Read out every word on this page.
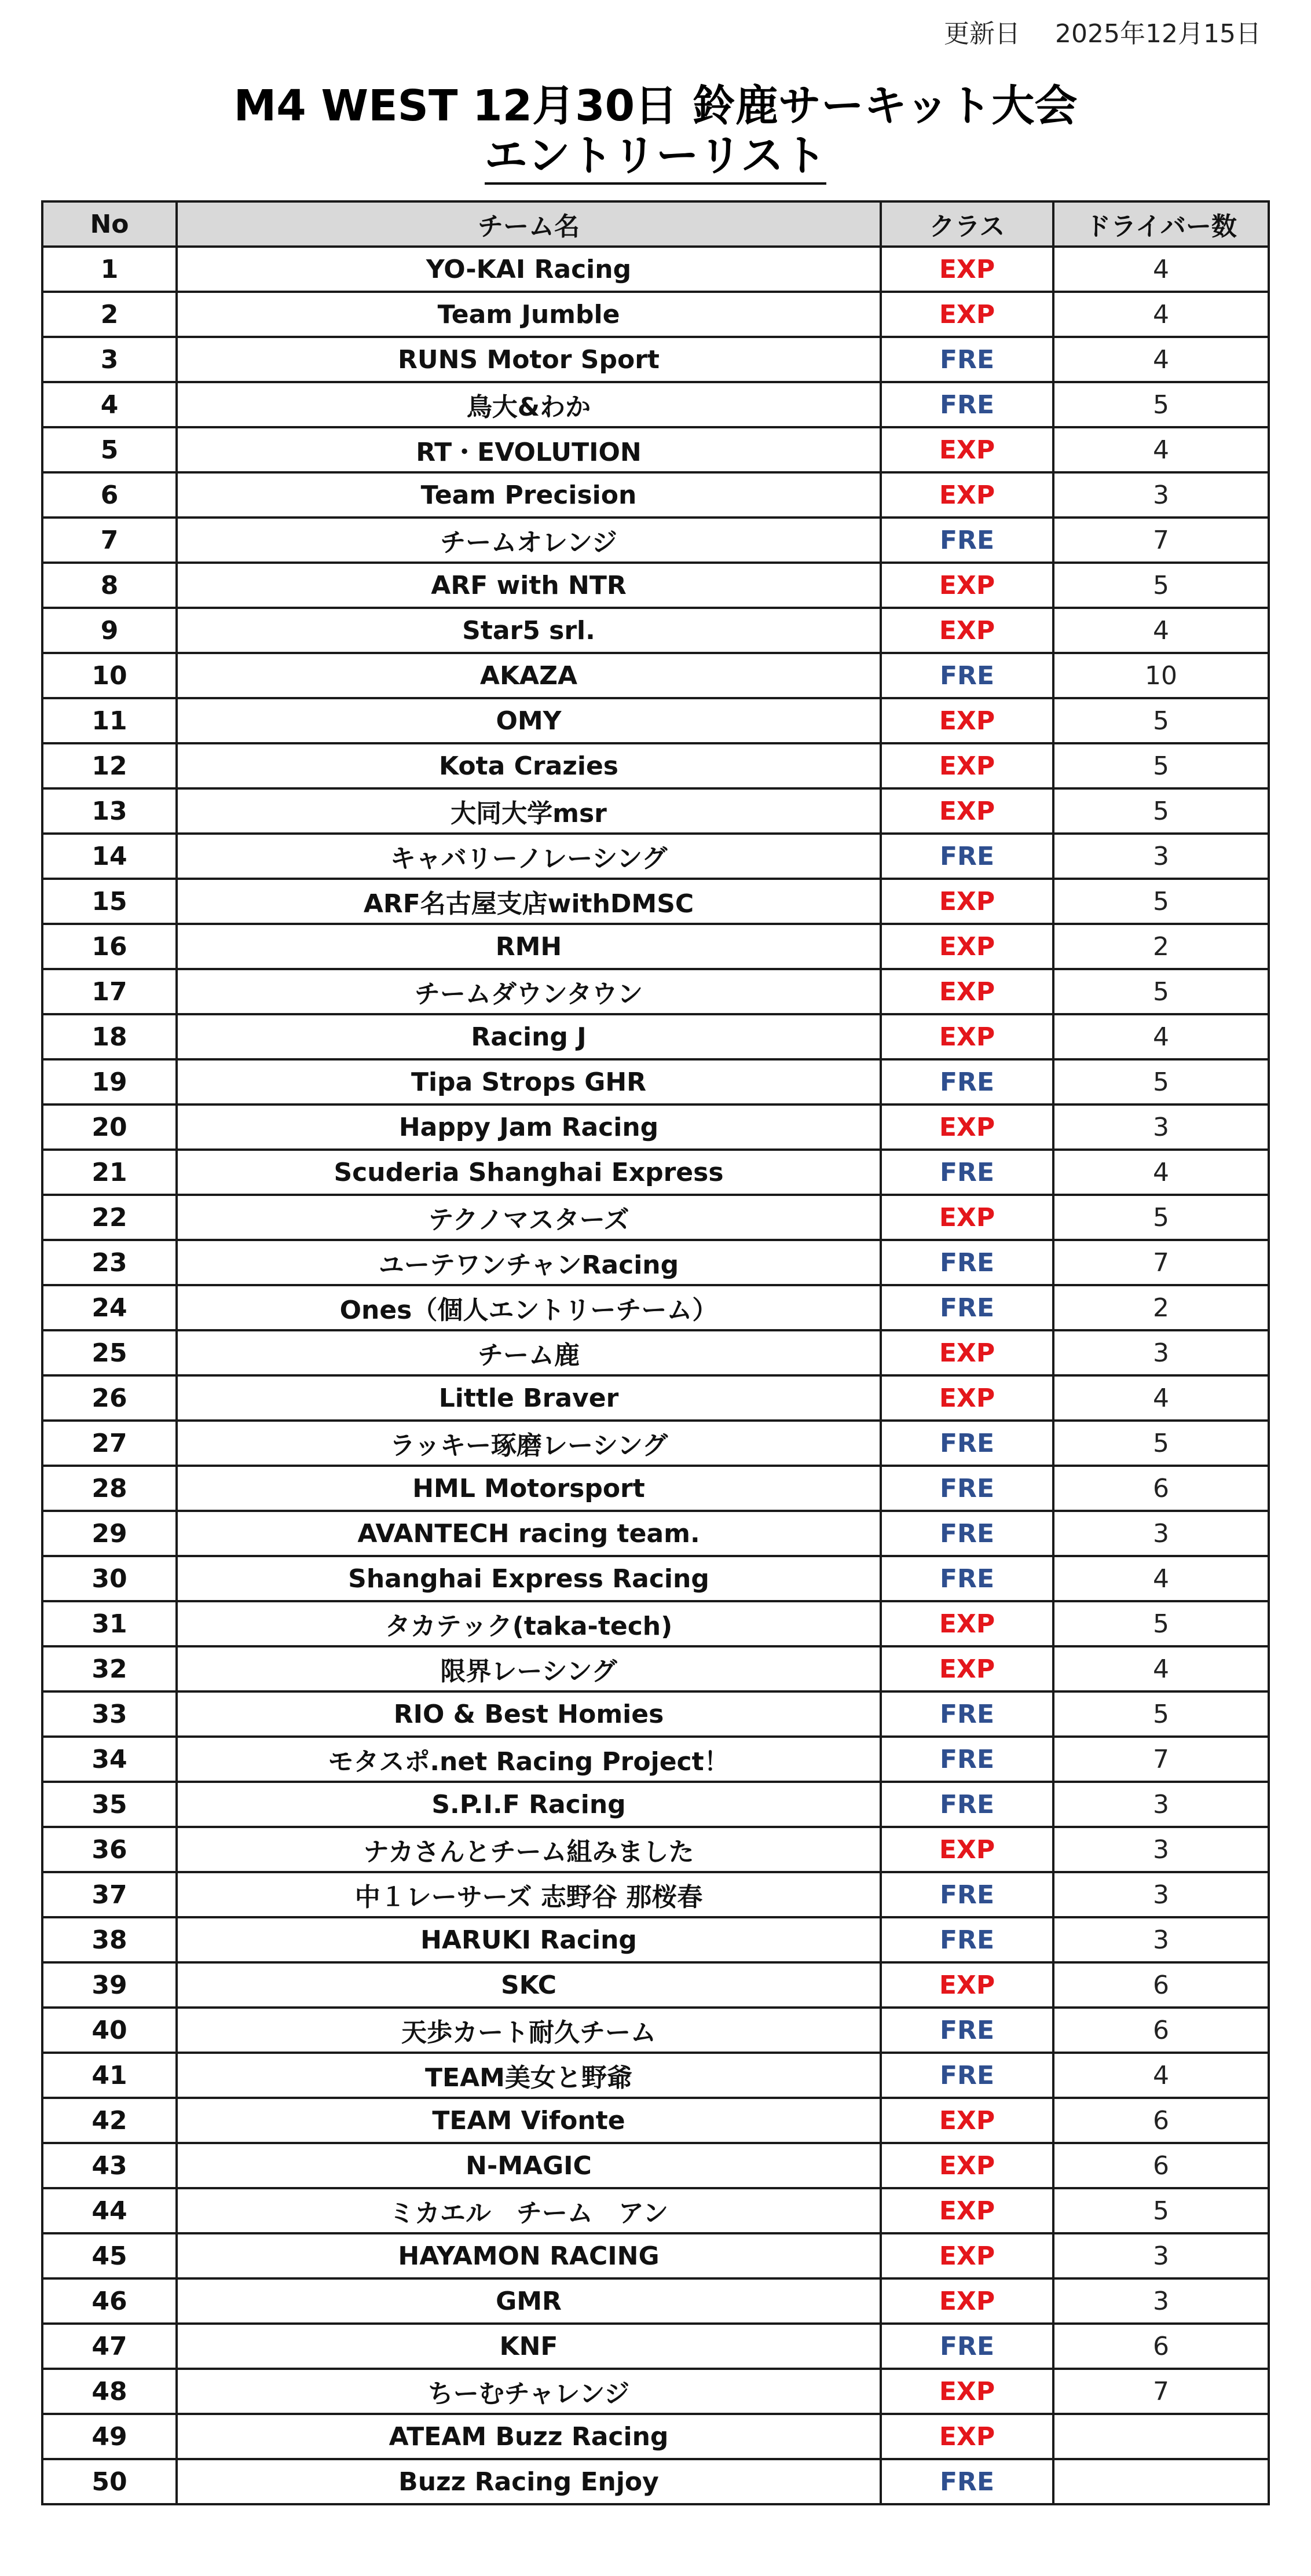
更新日 2025年12月15日
M4 WEST 12月30日 鈴鹿サーキット大会
エントリーリスト
No	チーム名	クラス	ドライバー数
1	YO-KAI Racing	EXP	4
2	Team Jumble	EXP	4
3	RUNS Motor Sport	FRE	4
4	鳥大&わか	FRE	5
5	RT・EVOLUTION	EXP	4
6	Team Precision	EXP	3
7	チームオレンジ	FRE	7
8	ARF with NTR	EXP	5
9	Star5 srl.	EXP	4
10	AKAZA	FRE	10
11	OMY	EXP	5
12	Kota Crazies	EXP	5
13	大同大学msr	EXP	5
14	キャバリーノレーシング	FRE	3
15	ARF名古屋支店withDMSC	EXP	5
16	RMH	EXP	2
17	チームダウンタウン	EXP	5
18	Racing J	EXP	4
19	Tipa Strops GHR	FRE	5
20	Happy Jam Racing	EXP	3
21	Scuderia Shanghai Express	FRE	4
22	テクノマスターズ	EXP	5
23	ユーテワンチャンRacing	FRE	7
24	Ones（個人エントリーチーム）	FRE	2
25	チーム鹿	EXP	3
26	Little Braver	EXP	4
27	ラッキー琢磨レーシング	FRE	5
28	HML Motorsport	FRE	6
29	AVANTECH racing team.	FRE	3
30	Shanghai Express Racing	FRE	4
31	タカテック(taka-tech)	EXP	5
32	限界レーシング	EXP	4
33	RIO & Best Homies	FRE	5
34	モタスポ.net Racing Project！	FRE	7
35	S.P.I.F Racing	FRE	3
36	ナカさんとチーム組みました	EXP	3
37	中１レーサーズ 志野谷 那桜春	FRE	3
38	HARUKI Racing	FRE	3
39	SKC	EXP	6
40	天歩カート耐久チーム	FRE	6
41	TEAM美女と野爺	FRE	4
42	TEAM Vifonte	EXP	6
43	N-MAGIC	EXP	6
44	ミカエル　チーム　アン	EXP	5
45	HAYAMON RACING	EXP	3
46	GMR	EXP	3
47	KNF	FRE	6
48	ちーむチャレンジ	EXP	7
49	ATEAM Buzz Racing	EXP	
50	Buzz Racing Enjoy	FRE	
